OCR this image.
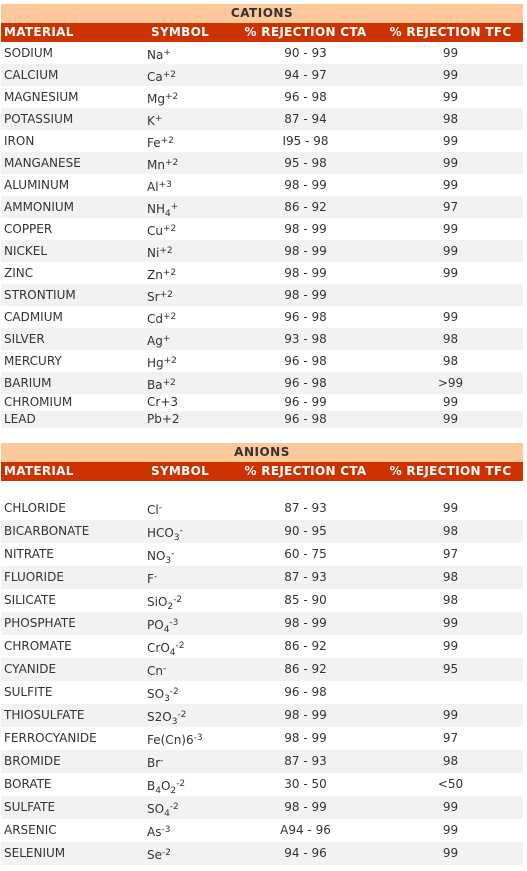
CATIONS
MATERIAL	SYMBOL	% REJECTION CTA	% REJECTION TFC
SODIUM	Na+	90 - 93	99
CALCIUM	$Ca^{+2}$	94 - 97	99
MAGNESIUM	$Mg^{+2}$	96 - 98	99
POTASSIUM	K+	87 - 94	98
IRON	$Fe^{+2}$	I95 - 98	99
MANGANESE	$Mn^{+2}$	95 - 98	99
ALUMINUM	$Al^{+3}$	98 - 99	99
AMMONIUM	$NH_4^+$	86 - 92	97
COPPER	$Cu^{+2}$	98 - 99	99
NICKEL	$Ni^{+2}$	98 - 99	99
ZINC	$Zn^{+2}$	98 - 99	99
STRONTIUM	$Sr^{+2}$	98 - 99
CADMIUM	$Cd^{+2}$	96 - 98	99
SILVER	Ag+	93 - 98	98
MERCURY	$Hg^{+2}$	96 - 98	98
BARIUM	$Ba^{+2}$	96 - 98	>99
CHROMIUM	Cr+3	96 - 99	99
LEAD	Pb+2	96 - 98	99
ANIONS
MATERIAL	SYMBOL	% REJECTION CTA	% REJECTION TFC
CHLORIDE	Cl-	87 - 93	99
BICARBONATE	$HCO_3^-$	90 - 95	98
NITRATE	$NO_3^-$	60 - 75	97
FLUORIDE	F-	87 - 93	98
SILICATE	SiO$_2^{-2}$	85 - 90	98
PHOSPHATE	$PO_4^{-3}$	98 - 99	99
CHROMATE	CrO$_4^{-2}$	86 - 92	99
CYANIDE	Cn-	86 - 92	95
SULFITE	$SO_3^{-2}$	96 - 98
THIOSULFATE	$S2O_3^{-2}$	98 - 99	99
FERROCYANIDE	$Fe(Cn)6^{-3}$	98 - 99	97
BROMIDE	Br-	87 - 93	98
BORATE	$B_4O_2^{-2}$	30 - 50	<50
SULFATE	$SO_4^{-2}$	98 - 99	99
ARSENIC	$As^{-3}$	A94 - 96	99
SELENIUM	$Se^{-2}$	94 - 96	99
